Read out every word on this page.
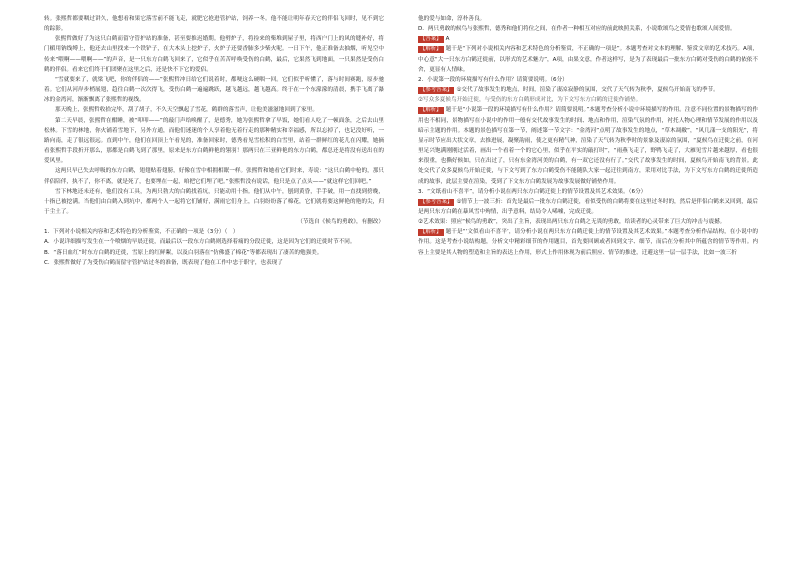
转。张熙哲都要咽过讲久，他想看和果它落雪前不能飞走，就肥它抢进管护站，饲养一冬。他不能让明年春天它的伴侣飞回时，见不到它的踪影。

张熙哲做好了为这只白鹤而留守管护站的准备，甚至要推迟婚期。他劈炉子，将捡来的柴堆到屋子里，将西户门上的风的缝补好，将门楣用钠线缚上，他还去山里找来一个铁铲子，在大木头上挖炉子，火炉子还要香肺多少柴火呢。一日下午，他正准备去抽烟，听见空中传来“喂啊——喂啊——”的声音，是一只东方白鹤飞回来了，它似乎在苦苦呼唤受伤的白鹤，最后，它果然飞到地面，一只果然是受伤白鹤的伴侣。看来它们终于们团聚在这里之后，还是快不下它的爱侣。

“雪就要来了，就梁飞吧，你的伴侣的——”张熙哲冲日给它们说着时，都哽这么硬咽一回。它们似乎听懂了，落与时间赛跑，原步驰着。它们从河岸步梢展翅，趋往白鹤一次次得飞，受伤白鹤一遍遍跳跃，越飞越远，越飞越高。终于在一个东濛濛的清晨，携手飞离了瀑冰的金湾河，渐渐飘离了张熙哲的视线。

那天晚上，张熙哲收拾完毕，刮了胡子，不久天空飘起了雪花，鹤群的落雪声，让他美滋滋地回到了家里。

第二天早晨，张熙哲在酣睡，被“叩叩——”的敲门声给唤醒了，是德秀，她为张熙哲拿了早饭，她们看人吃了一顿面条，之后去山里松林。下雪的林地，你火铺着雪地下，另外方通，而他们迷迷的个人享着他无着行走的那种精实和幸福感，所以忘掉了，也记没好听，一路向南，走了很远很远。直到中午，他们在回顶上午看见的，准备回家时，德秀看见雪松积的白雪里，站着一群鲜红的花儿在闪耀，她摘看张熙哲手段折开那么，那都是白鹤飞到了那里，原来是东方白鹤鲜艳的翎羽！那两只在三亚鲜艳的东方白鹤，都总还是将没有送出在的爱风里。

这两只早已失去呼吸的东方白鹤，翅翅贴着翅膀，好像在雪中相拥相眠一样。张熙哲和她看它们时来，寿说：“这只白鹤中枪的，那只伴侣陪伴，执不了，你不离，就是死了，也要埋在一起，咱把它们埋了吧。”张熙哲没有说话，他只是点了点头——“就这样它们回吧。”

雪下林地还未还有，他们没有工具，为两只勃大的白鹤找着坑，只能动用十指。他们从中午，刨到黄昏，手手破，用一直找到傍晚，十指已被挖满。当他们由白鹤入到坑中，都两个人一起将它们铺好，满雨它们身上，白羽纷纷落了棉花，它们就将要这鲜艳的艳的尖，归于尘土了。

（节选自《候鸟的勇敢》，有删改）

1．下列对小说相关内容和艺术特色的分析鉴赏，不正确的一项是（3分）（　）

A．小说详细描写发生在一个喷烟的早晨迁徙，而最后以一段东方白鹤则选择着痛的分段迁徙，这是因为它们的迁徙时节不同。

B．“落日血红”时东方白鹤的迁徙，雪原上的红鲜絮，以及白羽落在“仿佛盛了棉花”等都表现出了凄苦的勉强美。

C．张熙哲做好了为受伤白鹤而留守管护站过冬的准备，既表现了他在工作中忠于职守，也表现了

他的爱与如命，淳朴善良。

D．两只勇敢的候鸟与张熙哲，德秀和他们将位之间，在作者一种相互对应的前此映照关系，小说歌颂鸟之爱情也歌颂人间爱情。

【答案】 A

【解析】 题干是“下列对小说相关内容和艺术特色的分析鉴赏，不正确的一项是”。本题考查对文本的理解、鉴赏文章的艺术技巧。A项，中心意“大一只东方白鹤迁徙前，以形式的艺术魅力”，A项，由果文意，作者这样写，是为了表现最后一批东方白鹤对受伤的白鹤的依依不舍，更显有人情味。

2．小说第一段的环境描写有什么作用？请简要说明。（6分）

【参考答案】 ①交代了故事发生的地点，时间，渲染了凄凉寂静的氛围，交代了天气转为秋季，夏候鸟开始南飞的季节。

②写众多夏候鸟开始迁徙，与受伤的东方白鹤形成对比，为下文写东方白鹤的迁徙作铺垫。

【解析】 题干是“小说第一段的环境描写有什么作用？请简要说明。”本题考查分析小说中环境描写的作用。注意不同位置的景物描写的作用也不相同，景物描写在小说中的作用一般有交代故事发生的时间、地点和作用，渲染气氛的作用，衬托人物心理和情节发展的作用以及暗示主题的作用。本题的景色描写在第一节，阐述第一节文字：“金湾河”点明了故事发生的地点，“草木凋敝”，“风几漾一支的阳光”，将显示时节应出大状文章，去推进展，凝聚韵雨，使之更有精气神，渲染了天气转为秋季时的景象及凄凉的氛围，“夏候鸟在迁徙之前，在河里足兴饱满刚刚过活着，画出一个看着一个的它心里，似乎在平实的敲打时”，“雨燕飞走了，野鸭飞走了，大雁见雪片越来越厚，看也很来很重，也撕好候如，只在出过了，只有东金湾河美的白鹤，有一双它还没有行了。”交代了故事发生的时间，夏候鸟开始南飞的背景。此处交代了众多夏候鸟开始迁徙，与下文写到了东方白鹤受伤不能随队大家一起迁往到南方，采用对比手法，为下文写东方白鹤的迁徙所造成的故事，此层主要在渲染，受到了下文东方白鹤发展为故事发展做好铺垫作用。

3．“文纸看山不喜平”，请分析小说在两只东方白鹤迁徙上的情节设置及其艺术效果。（6分）

【参考答案】 ①情节上一波三折：首先是最后一批东方白鹤迁徙，看似受伤的白鹤将要在这里过冬时的，然后是伴侣白鹤来又回到，最后是两只东方白鹤在暴风雪中殉情，出乎意料，结局令人唏嘘，完成迁徙。

②艺术效果：照应“候鸟的勇敢”，突出了主旨，表现出两只东方白鹤之无畏的勇敢，给读者的心灵带来了巨大的冲击与震撼。

【解析】 题干是“‘文似看山不喜平’，请分析小说在两只东方白鹤迁徙上的情节设置及其艺术效果。”本题考查分析作品结构，在小说中的作用。这是考查小说结构题，分析文中精彩细节的作用题目，首先要回顾或者回到文字、细节，而后在分析其中所蕴含的情节等作用。内容上主要是其人物的塑造和主旨的表达上作用，形式上作用体现为前后照应、情节的推进，迁避这里一层一层手法，比如一波三折
